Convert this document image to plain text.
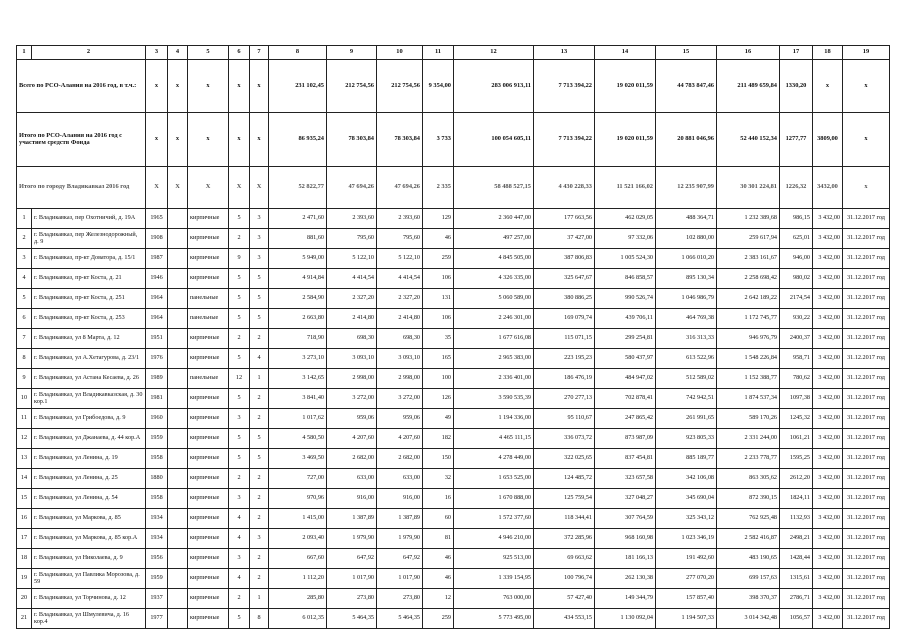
1	2	3	4	5	6	7	8	9	10	11	12	13	14	15	16	17	18	19
Всего по РСО-Алания на 2016 год, в т.ч.:		x	x	x	x	x	231 102,45	212 754,56	212 754,56	9 354,00	283 006 913,11	7 713 394,22	19 020 011,59	44 783 847,46	211 489 659,84	1330,20	x	x
Итого по РСО-Алания на 2016 год с участием средств Фонда		x	x	x	x	x	86 935,24	78 303,84	78 303,84	3 733	100 054 605,11	7 713 394,22	19 020 011,59	20 881 046,96	52 440 152,34	1277,77	3809,00	x
Итого по городу Владикавказ 2016 год		X	X	X	X	X	52 822,77	47 694,26	47 694,26	2 335	58 488 527,15	4 430 228,33	11 521 166,02	12 235 907,99	30 301 224,81	1226,32	3432,00	x
1	г. Владикавказ, пер Охотничий, д. 19А	1965		кирпичные	5	3	2 471,60	2 393,60	2 393,60	129	2 360 447,00	177 663,56	462 029,05	488 364,71	1 232 389,68	986,15	3 432,00	31.12.2017 год
2	г. Владикавказ, пер Железнодорожный, д. 9	1908		кирпичные	2	3	881,60	795,60	795,60	46	497 257,00	37 427,00	97 332,06	102 880,00	259 617,94	625,01	3 432,00	31.12.2017 год
3	г. Владикавказ, пр-кт Доватора, д. 15/1	1987		кирпичные	9	3	5 949,00	5 122,10	5 122,10	259	4 845 505,00	387 806,83	1 005 524,30	1 066 010,20	2 383 161,67	946,00	3 432,00	31.12.2017 год
4	г. Владикавказ, пр-кт Коста, д. 21	1946		кирпичные	5	5	4 914,84	4 414,54	4 414,54	106	4 326 335,00	325 647,67	846 858,57	895 130,34	2 258 698,42	980,02	3 432,00	31.12.2017 год
5	г. Владикавказ, пр-кт Коста, д. 251	1964		панельные	5	5	2 584,90	2 327,20	2 327,20	131	5 060 589,00	380 886,25	990 526,74	1 046 986,79	2 642 189,22	2174,54	3 432,00	31.12.2017 год
6	г. Владикавказ, пр-кт Коста, д. 253	1964		панельные	5	5	2 663,80	2 414,80	2 414,80	106	2 246 301,00	169 079,74	439 706,11	464 769,38	1 172 745,77	930,22	3 432,00	31.12.2017 год
7	г. Владикавказ, ул 8 Марта, д. 12	1951		кирпичные	2	2	718,90	698,30	698,30	35	1 677 616,08	115 071,15	299 254,81	316 313,33	946 976,79	2400,37	3 432,00	31.12.2017 год
8	г. Владикавказ, ул А.Хетагурова, д. 23/1	1976		кирпичные	5	4	3 273,10	3 093,10	3 093,10	165	2 965 383,00	223 195,23	580 437,97	613 522,96	1 548 226,84	958,71	3 432,00	31.12.2017 год
9	г. Владикавказ, ул Астана Кесаева, д. 26	1989		панельные	12	1	3 142,65	2 998,00	2 998,00	100	2 336 401,00	186 476,19	484 947,02	512 589,02	1 152 388,77	780,62	3 432,00	31.12.2017 год
10	г. Владикавказ, ул Владикавказская, д. 30 кор.1	1981		кирпичные	5	2	3 841,40	3 272,00	3 272,00	126	3 590 535,39	270 277,13	702 878,41	742 942,51	1 874 537,34	1097,38	3 432,00	31.12.2017 год
11	г. Владикавказ, ул Грибоедова, д. 9	1960		кирпичные	3	2	1 017,62	959,06	959,06	49	1 194 336,00	95 110,67	247 865,42	261 991,65	589 170,26	1245,32	3 432,00	31.12.2017 год
12	г. Владикавказ, ул Джанаева, д. 44 кор.А	1959		кирпичные	5	5	4 580,50	4 207,60	4 207,60	182	4 465 111,15	336 073,72	873 987,09	923 805,33	2 331 244,00	1061,21	3 432,00	31.12.2017 год
13	г. Владикавказ, ул Ленина, д. 19	1958		кирпичные	5	5	3 469,50	2 682,00	2 682,00	150	4 278 449,00	322 025,65	837 454,81	885 189,77	2 233 778,77	1595,25	3 432,00	31.12.2017 год
14	г. Владикавказ, ул Ленина, д. 25	1880		кирпичные	2	2	727,00	633,00	633,00	32	1 653 525,00	124 485,72	323 657,58	342 106,08	863 305,62	2612,20	3 432,00	31.12.2017 год
15	г. Владикавказ, ул Ленина, д. 54	1958		кирпичные	3	2	970,96	916,00	916,00	16	1 670 888,00	125 759,54	327 048,27	345 690,04	872 390,15	1824,11	3 432,00	31.12.2017 год
16	г. Владикавказ, ул Маркова, д. 85	1934		кирпичные	4	2	1 415,00	1 387,89	1 387,89	60	1 572 377,60	118 344,41	307 764,59	325 343,12	762 925,48	1132,93	3 432,00	31.12.2017 год
17	г. Владикавказ, ул Маркова, д. 85 кор.А	1934		кирпичные	4	3	2 093,40	1 979,90	1 979,90	81	4 946 210,00	372 285,96	968 160,98	1 023 346,19	2 582 416,87	2498,21	3 432,00	31.12.2017 год
18	г. Владикавказ, ул Николаева, д. 9	1956		кирпичные	3	2	667,60	647,92	647,92	46	925 513,00	69 663,62	181 166,13	191 492,60	483 190,65	1428,44	3 432,00	31.12.2017 год
19	г. Владикавказ, ул Павлика Морозова, д. 59	1959		кирпичные	4	2	1 112,20	1 017,90	1 017,90	46	1 339 154,95	100 796,74	262 130,38	277 070,20	699 157,63	1315,61	3 432,00	31.12.2017 год
20	г. Владикавказ, ул Торчинова, д. 12	1937		кирпичные	2	1	285,80	273,80	273,80	12	763 000,00	57 427,40	149 344,79	157 857,40	398 370,37	2786,71	3 432,00	31.12.2017 год
21	г. Владикавказ, ул Шмулевича, д. 16 кор.4	1977		кирпичные	5	8	6 012,35	5 464,35	5 464,35	259	5 773 495,00	434 553,15	1 130 092,04	1 194 507,33	3 014 342,48	1056,57	3 432,00	31.12.2017 год
